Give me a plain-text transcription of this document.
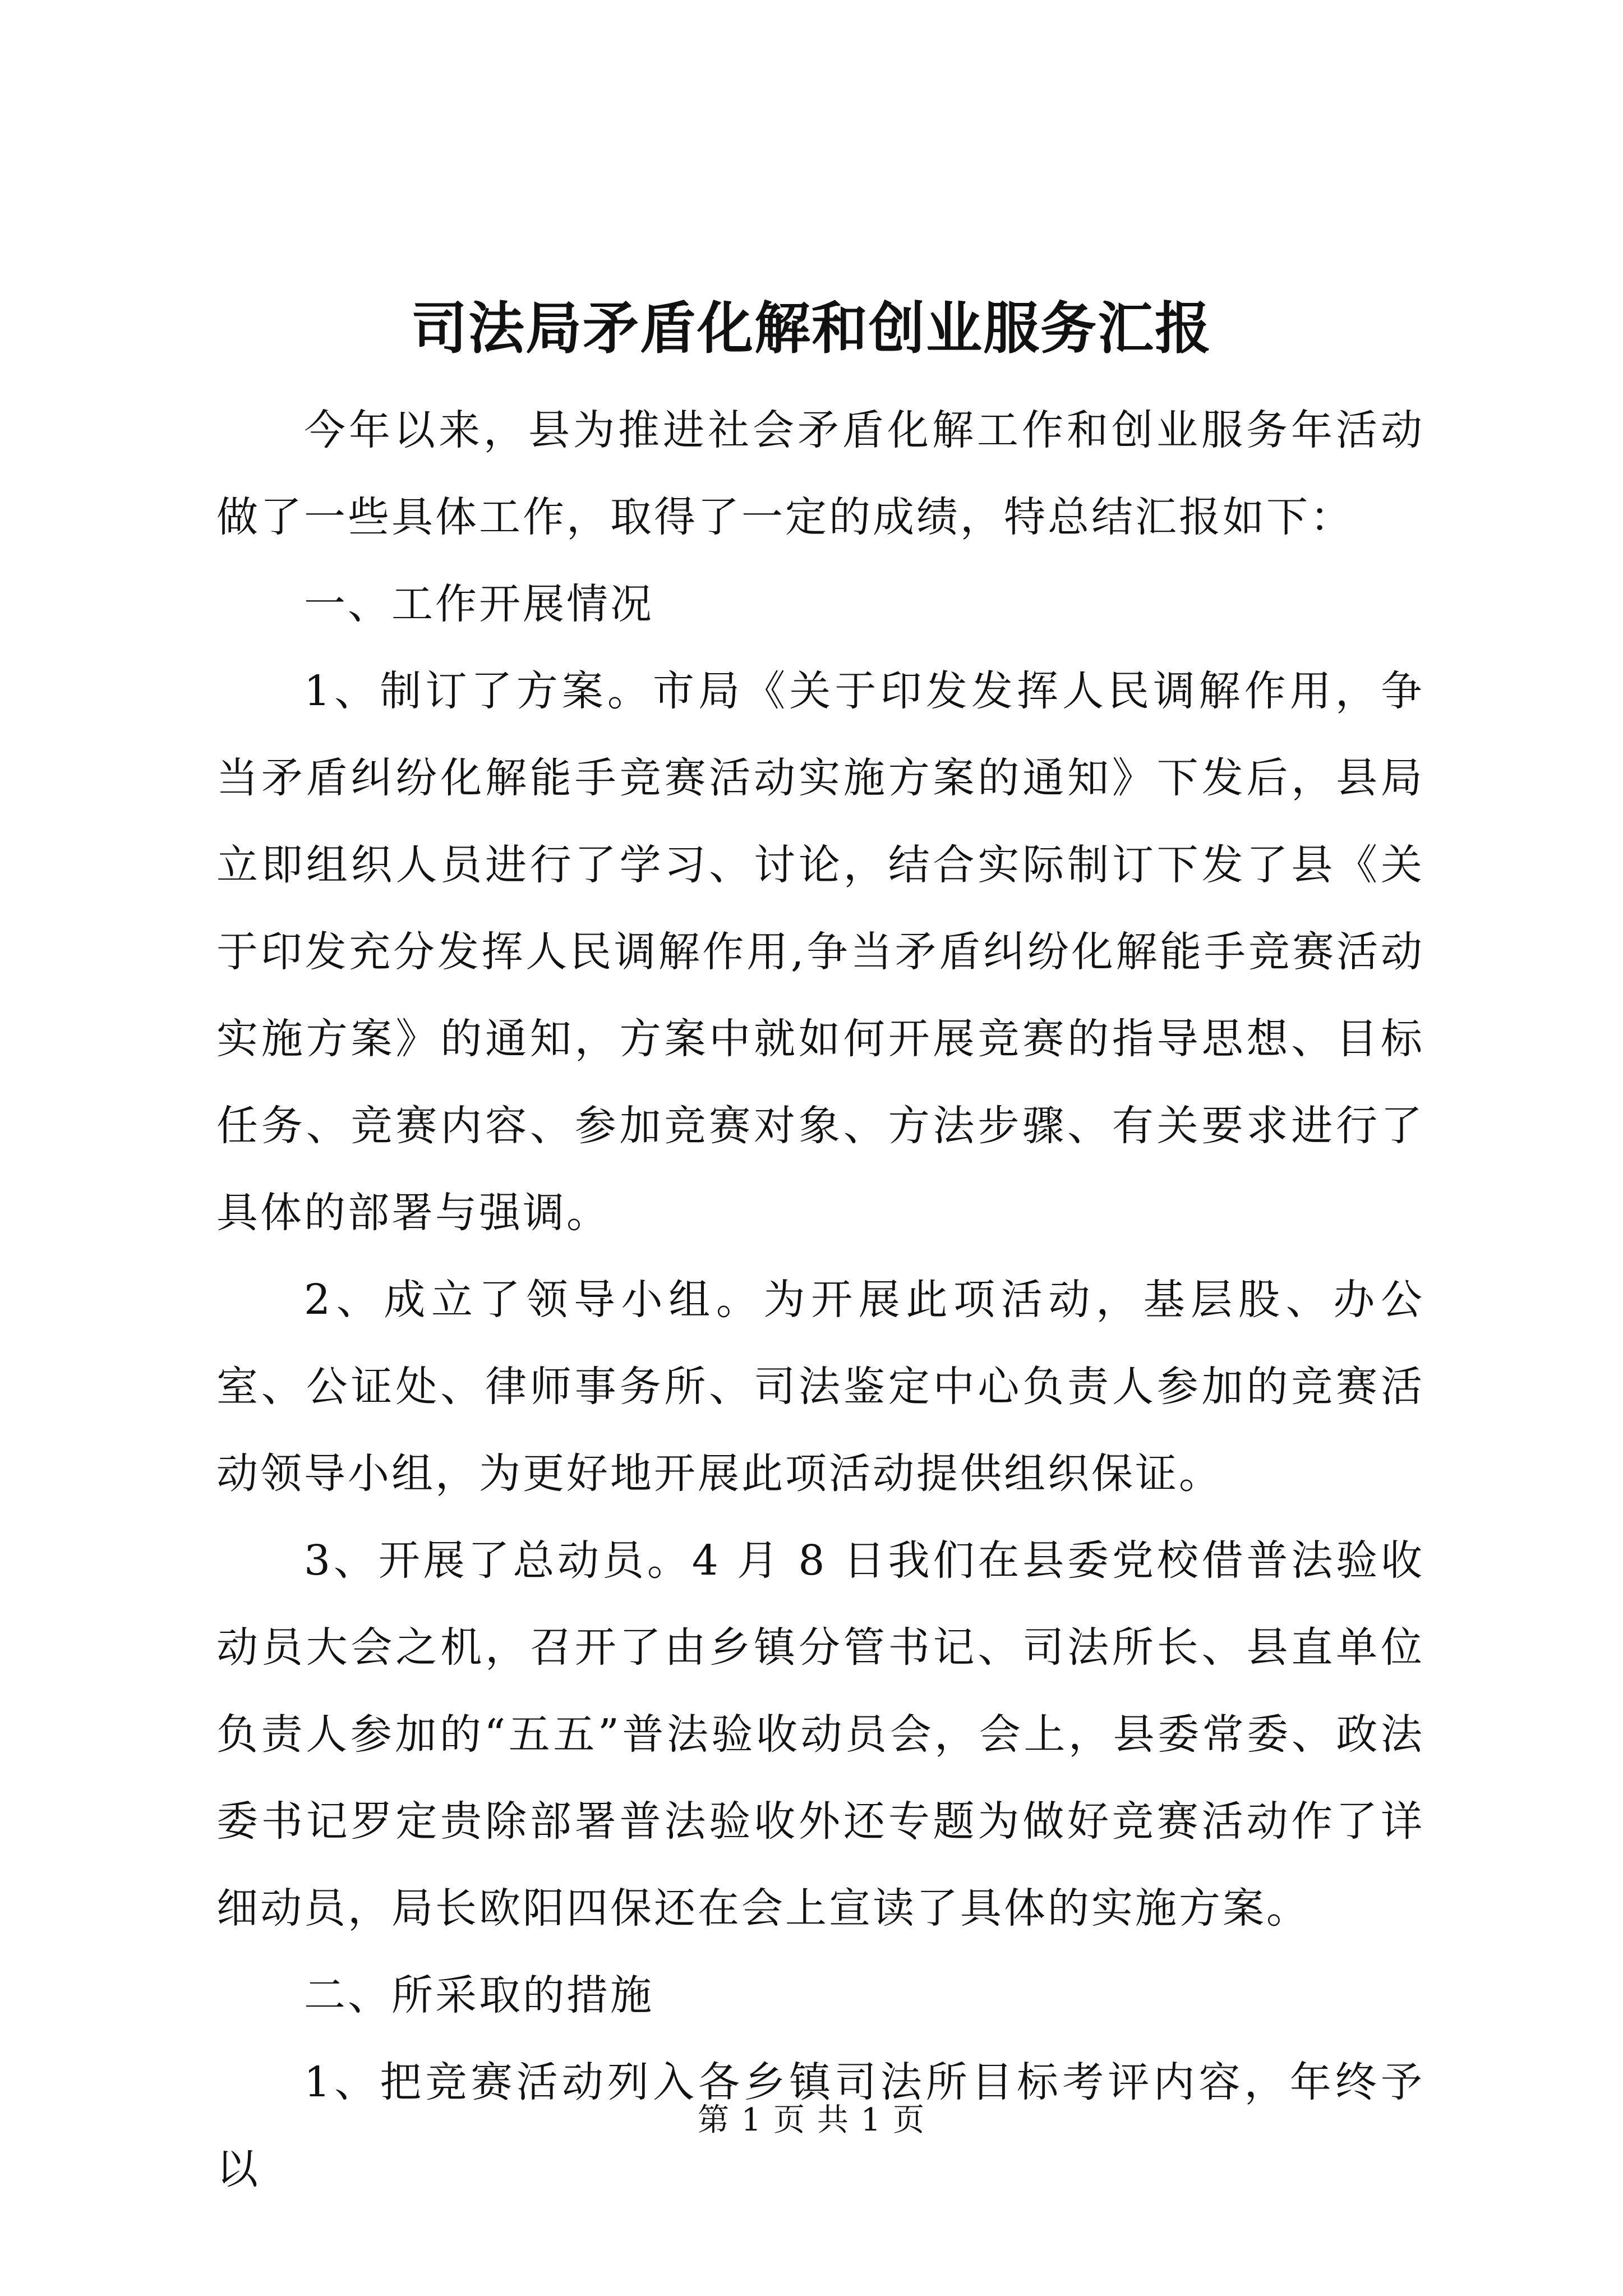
司法局矛盾化解和创业服务汇报

今年以来，县为推进社会矛盾化解工作和创业服务年活动做了一些具体工作，取得了一定的成绩，特总结汇报如下：

一、工作开展情况

1、制订了方案。市局《关于印发发挥人民调解作用，争当矛盾纠纷化解能手竞赛活动实施方案的通知》下发后，县局立即组织人员进行了学习、讨论，结合实际制订下发了县《关于印发充分发挥人民调解作用,争当矛盾纠纷化解能手竞赛活动实施方案》的通知，方案中就如何开展竞赛的指导思想、目标任务、竞赛内容、参加竞赛对象、方法步骤、有关要求进行了具体的部署与强调。

2、成立了领导小组。为开展此项活动，基层股、办公室、公证处、律师事务所、司法鉴定中心负责人参加的竞赛活动领导小组，为更好地开展此项活动提供组织保证。

3、开展了总动员。4 月 8 日我们在县委党校借普法验收动员大会之机，召开了由乡镇分管书记、司法所长、县直单位负责人参加的“五五”普法验收动员会，会上，县委常委、政法委书记罗定贵除部署普法验收外还专题为做好竞赛活动作了详细动员，局长欧阳四保还在会上宣读了具体的实施方案。

二、所采取的措施

1、把竞赛活动列入各乡镇司法所目标考评内容，年终予以

第 1 页 共 1 页
